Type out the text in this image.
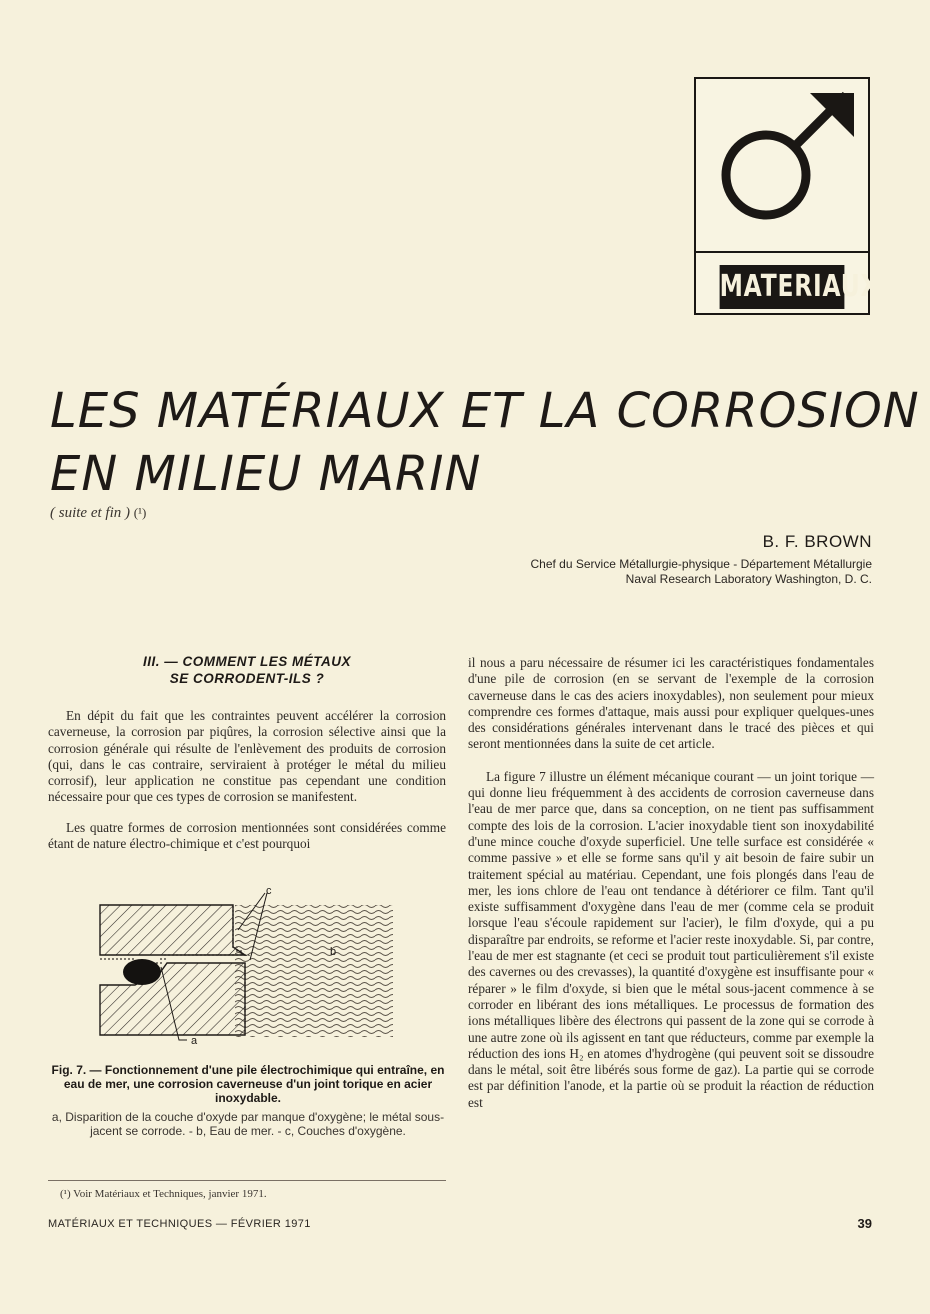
MATERIAUX
LES MATÉRIAUX ET LA CORROSION
EN MILIEU MARIN
( suite et fin ) (¹)
B. F. BROWN
Chef du Service Métallurgie-physique - Département Métallurgie
Naval Research Laboratory Washington, D. C.
III. — COMMENT LES MÉTAUX
SE CORRODENT-ILS ?

En dépit du fait que les contraintes peuvent accélérer la corrosion caverneuse, la corrosion par piqûres, la corrosion sélective ainsi que la corrosion générale qui résulte de l'enlèvement des produits de corrosion (qui, dans le cas contraire, serviraient à protéger le métal du milieu corrosif), leur application ne constitue pas cependant une condition nécessaire pour que ces types de corrosion se manifestent.

Les quatre formes de corrosion mentionnées sont considérées comme étant de nature électro-chimique et c'est pourquoi

c
b
a
Fig. 7. — Fonctionnement d'une pile électrochimique qui entraîne, en eau de mer, une corrosion caverneuse d'un joint torique en acier inoxydable.
a, Disparition de la couche d'oxyde par manque d'oxygène; le métal sous-jacent se corrode. - b, Eau de mer. - c, Couches d'oxygène.

il nous a paru nécessaire de résumer ici les caractéristiques fondamentales d'une pile de corrosion (en se servant de l'exemple de la corrosion caverneuse dans le cas des aciers inoxydables), non seulement pour mieux comprendre ces formes d'attaque, mais aussi pour expliquer quelques-unes des considérations générales intervenant dans le tracé des pièces et qui seront mentionnées dans la suite de cet article.

La figure 7 illustre un élément mécanique courant — un joint torique — qui donne lieu fréquemment à des accidents de corrosion caverneuse dans l'eau de mer parce que, dans sa conception, on ne tient pas suffisamment compte des lois de la corrosion. L'acier inoxydable tient son inoxydabilité d'une mince couche d'oxyde superficiel. Une telle surface est considérée « comme passive » et elle se forme sans qu'il y ait besoin de faire subir un traitement spécial au matériau. Cependant, une fois plongés dans l'eau de mer, les ions chlore de l'eau ont tendance à détériorer ce film. Tant qu'il existe suffisamment d'oxygène dans l'eau de mer (comme cela se produit lorsque l'eau s'écoule rapidement sur l'acier), le film d'oxyde, qui a pu disparaître par endroits, se reforme et l'acier reste inoxydable. Si, par contre, l'eau de mer est stagnante (et ceci se produit tout particulièrement s'il existe des cavernes ou des crevasses), la quantité d'oxygène est insuffisante pour « réparer » le film d'oxyde, si bien que le métal sous-jacent commence à se corroder en libérant des ions métalliques. Le processus de formation des ions métalliques libère des électrons qui passent de la zone qui se corrode à une autre zone où ils agissent en tant que réducteurs, comme par exemple la réduction des ions H₂ en atomes d'hydrogène (qui peuvent soit se dissoudre dans le métal, soit être libérés sous forme de gaz). La partie qui se corrode est par définition l'anode, et la partie où se produit la réaction de réduction est

(¹) Voir Matériaux et Techniques, janvier 1971.
MATÉRIAUX ET TECHNIQUES — FÉVRIER 1971	39
